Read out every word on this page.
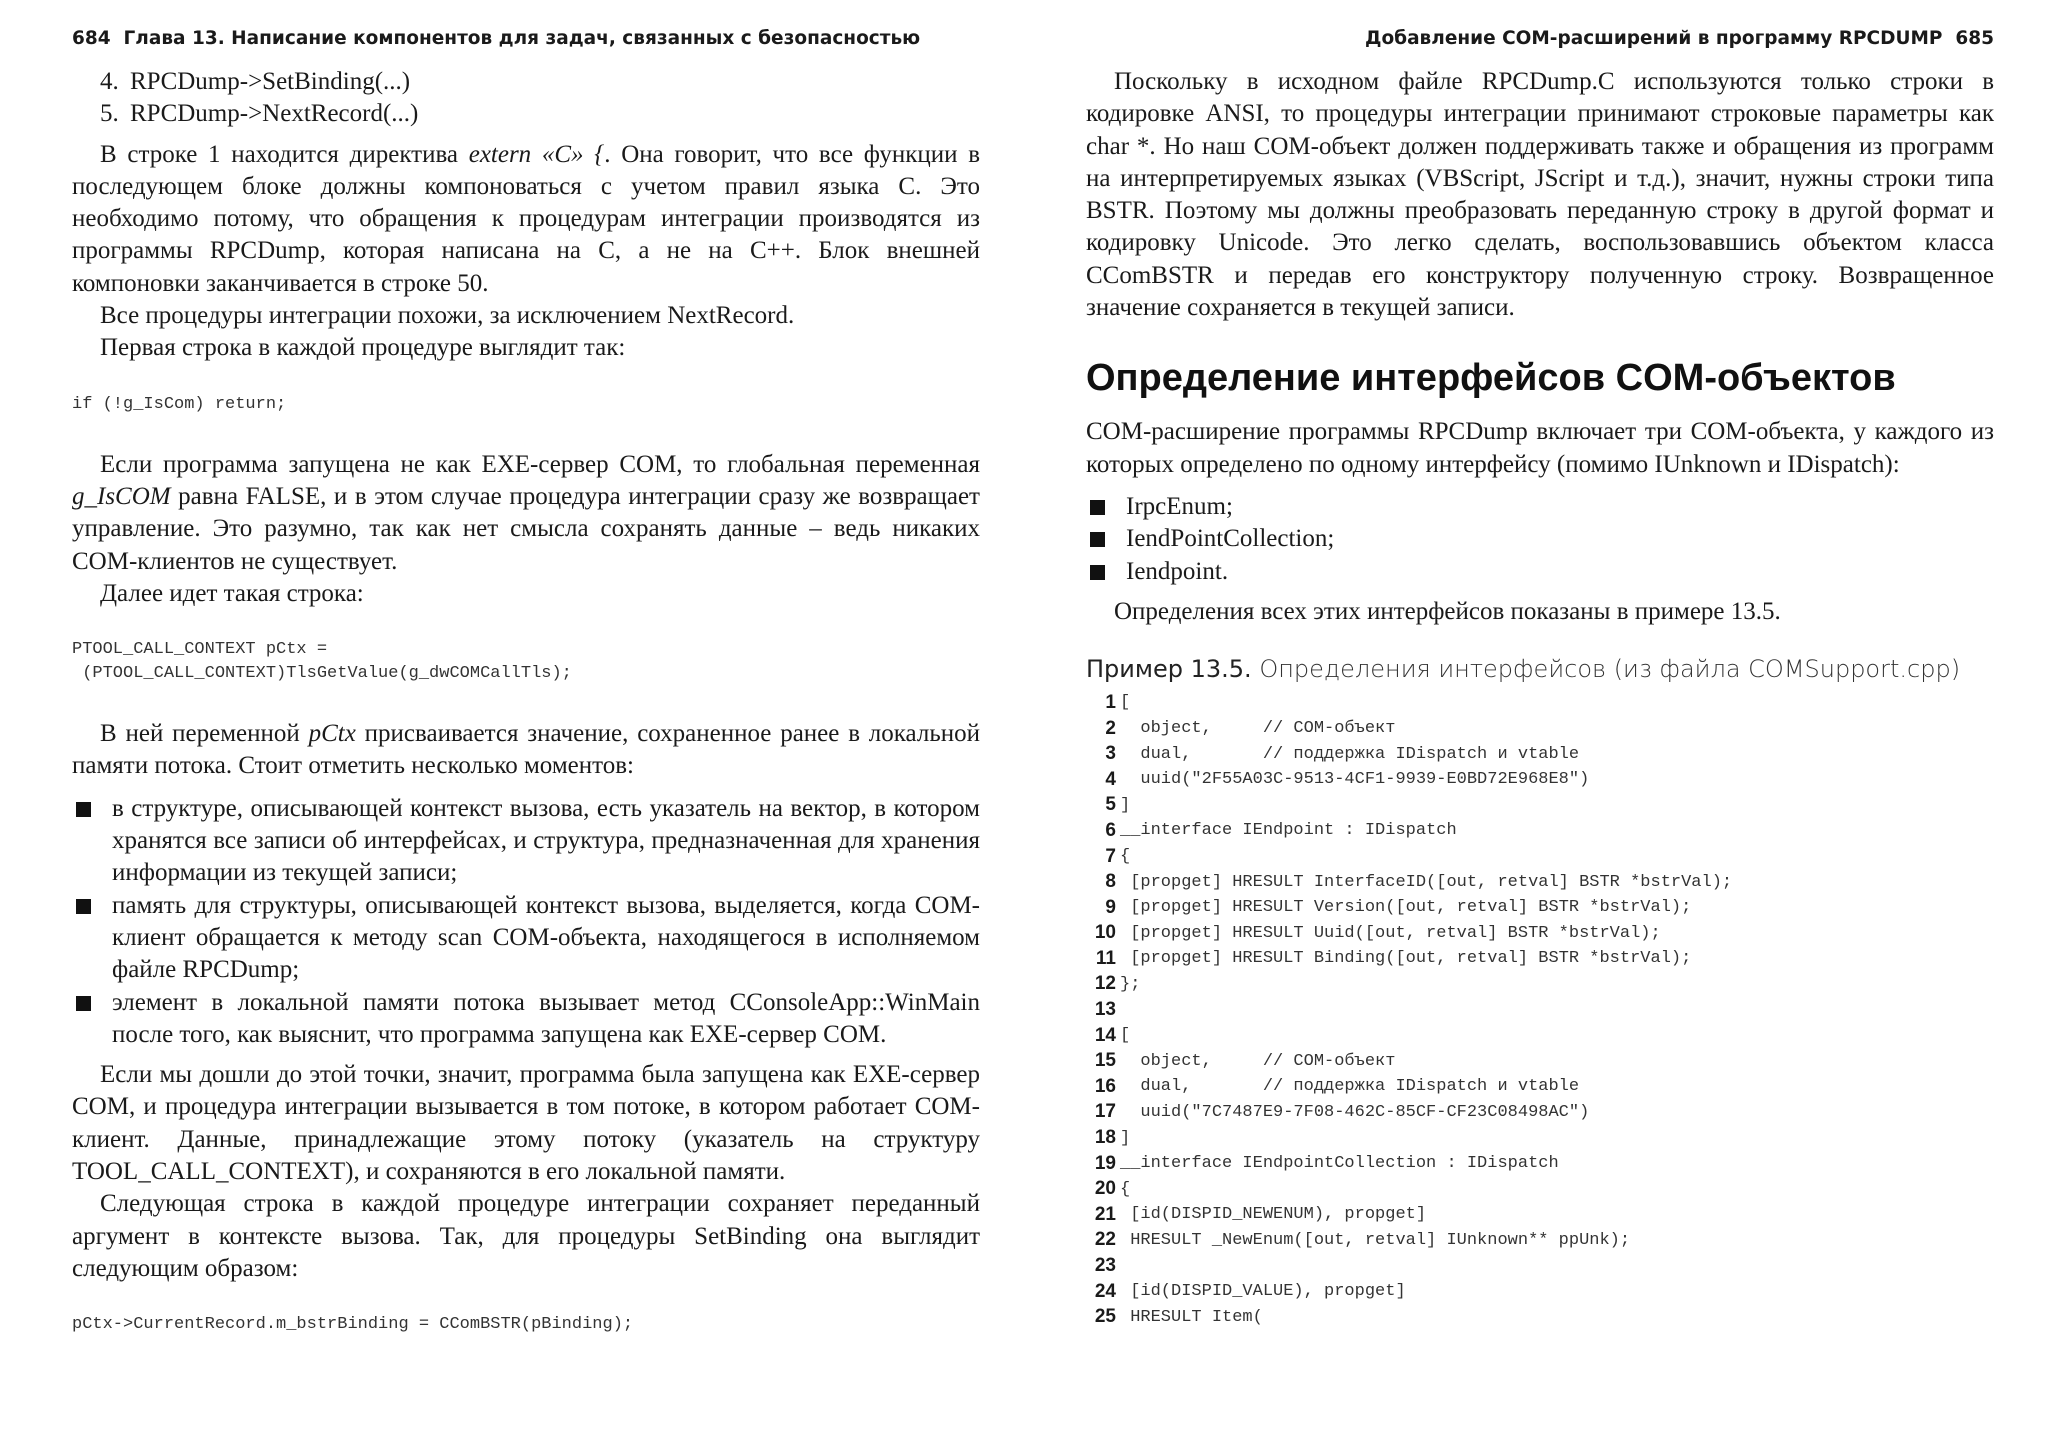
684 Глава 13. Написание компонентов для задач, связанных с безопасностью
4. RPCDump->SetBinding(...)
5. RPCDump->NextRecord(...)

В строке 1 находится директива extern «C» {. Она говорит, что все функции в последующем блоке должны компоноваться с учетом правил языка C. Это необходимо потому, что обращения к процедурам интеграции производятся из программы RPCDump, которая написана на C, а не на C++. Блок внешней компоновки заканчивается в строке 50.

Все процедуры интеграции похожи, за исключением NextRecord.

Первая строка в каждой процедуре выглядит так:

if (!g_IsCom) return;

Если программа запущена не как EXE-сервер COM, то глобальная переменная g_IsCOM равна FALSE, и в этом случае процедура интеграции сразу же возвращает управление. Это разумно, так как нет смысла сохранять данные – ведь никаких COM-клиентов не существует.

Далее идет такая строка:

PTOOL_CALL_CONTEXT pCtx =
(PTOOL_CALL_CONTEXT)TlsGetValue(g_dwCOMCallTls);

В ней переменной pCtx присваивается значение, сохраненное ранее в локальной памяти потока. Стоит отметить несколько моментов:

в структуре, описывающей контекст вызова, есть указатель на вектор, в котором хранятся все записи об интерфейсах, и структура, предназначенная для хранения информации из текущей записи;
память для структуры, описывающей контекст вызова, выделяется, когда COM-клиент обращается к методу scan COM-объекта, находящегося в исполняемом файле RPCDump;
элемент в локальной памяти потока вызывает метод CConsoleApp::WinMain после того, как выяснит, что программа запущена как EXE-сервер COM.

Если мы дошли до этой точки, значит, программа была запущена как EXE-сервер COM, и процедура интеграции вызывается в том потоке, в котором работает COM-клиент. Данные, принадлежащие этому потоку (указатель на структуру TOOL_CALL_CONTEXT), и сохраняются в его локальной памяти.

Следующая строка в каждой процедуре интеграции сохраняет переданный аргумент в контексте вызова. Так, для процедуры SetBinding она выглядит следующим образом:

pCtx->CurrentRecord.m_bstrBinding = CComBSTR(pBinding);
Добавление COM-расширений в программу RPCDUMP 685

Поскольку в исходном файле RPCDump.C используются только строки в кодировке ANSI, то процедуры интеграции принимают строковые параметры как char *. Но наш COM-объект должен поддерживать также и обращения из программ на интерпретируемых языках (VBScript, JScript и т.д.), значит, нужны строки типа BSTR. Поэтому мы должны преобразовать переданную строку в другой формат и кодировку Unicode. Это легко сделать, воспользовавшись объектом класса CComBSTR и передав его конструктору полученную строку. Возвращенное значение сохраняется в текущей записи.

Определение интерфейсов COM-объектов

COM-расширение программы RPCDump включает три COM-объекта, у каждого из которых определено по одному интерфейсу (помимо IUnknown и IDispatch):

IrpcEnum;
IendPointCollection;
Iendpoint.

Определения всех этих интерфейсов показаны в примере 13.5.

Пример 13.5. Определения интерфейсов (из файла COMSupport.cpp)
1 [
2 object,     // COM-объект
3 dual,       // поддержка IDispatch и vtable
4 uuid("2F55A03C-9513-4CF1-9939-E0BD72E968E8")
5 ]
6 __interface IEndpoint : IDispatch
7 {
8 [propget] HRESULT InterfaceID([out, retval] BSTR *bstrVal);
9 [propget] HRESULT Version([out, retval] BSTR *bstrVal);
10 [propget] HRESULT Uuid([out, retval] BSTR *bstrVal);
11 [propget] HRESULT Binding([out, retval] BSTR *bstrVal);
12 };
13
14 [
15 object,     // COM-объект
16 dual,       // поддержка IDispatch и vtable
17 uuid("7C7487E9-7F08-462C-85CF-CF23C08498AC")
18 ]
19 __interface IEndpointCollection : IDispatch
20 {
21 [id(DISPID_NEWENUM), propget]
22 HRESULT _NewEnum([out, retval] IUnknown** ppUnk);
23
24 [id(DISPID_VALUE), propget]
25 HRESULT Item(
